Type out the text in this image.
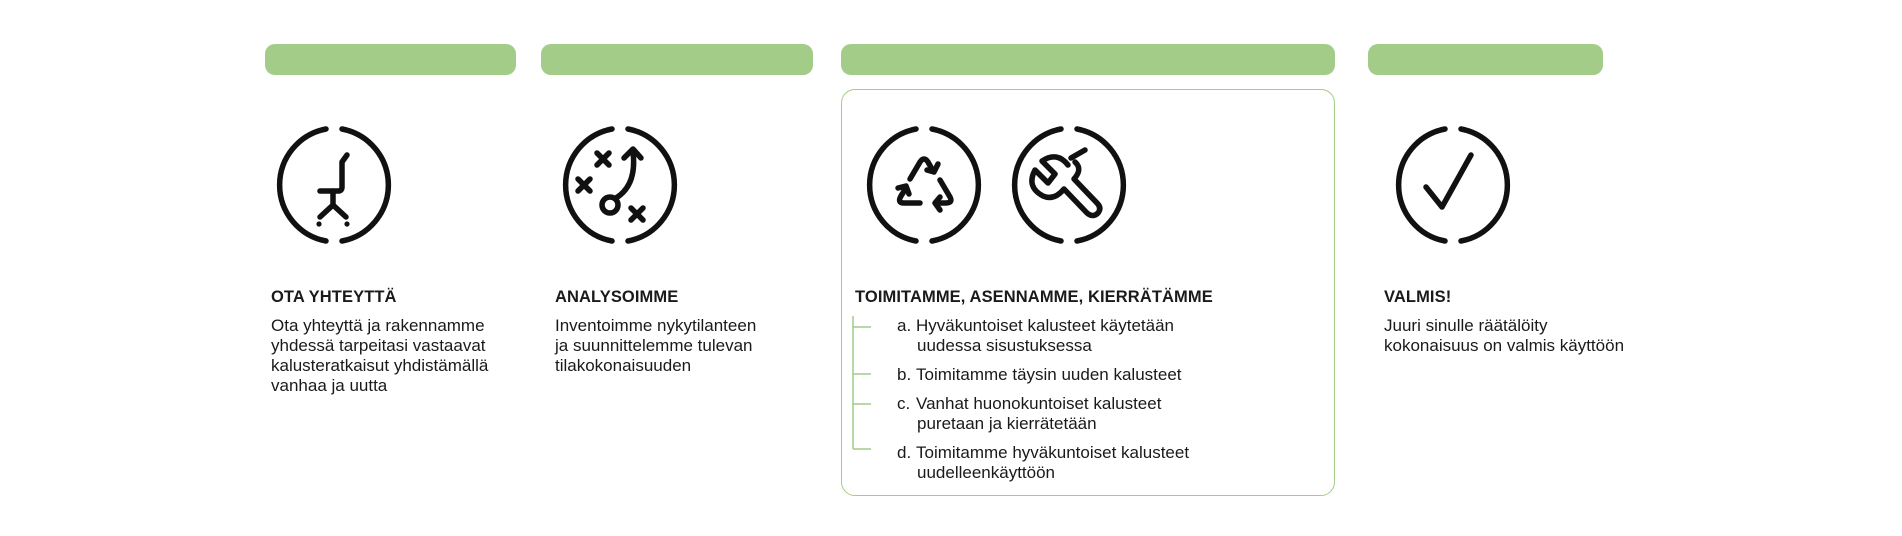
OTA YHTEYTTÄ
Ota yhteyttä ja rakennamme
yhdessä tarpeitasi vastaavat
kalusteratkaisut yhdistämällä
vanhaa ja uutta
ANALYSOIMME
Inventoimme nykytilanteen
ja suunnittelemme tulevan
tilakokonaisuuden
TOIMITAMME, ASENNAMME, KIERRÄTÄMME
a. Hyväkuntoiset kalusteet käytetään
uudessa sisustuksessa
b. Toimitamme täysin uuden kalusteet
c. Vanhat huonokuntoiset kalusteet
puretaan ja kierrätetään
d. Toimitamme hyväkuntoiset kalusteet
uudelleenkäyttöön
VALMIS!
Juuri sinulle räätälöity
kokonaisuus on valmis käyttöön
